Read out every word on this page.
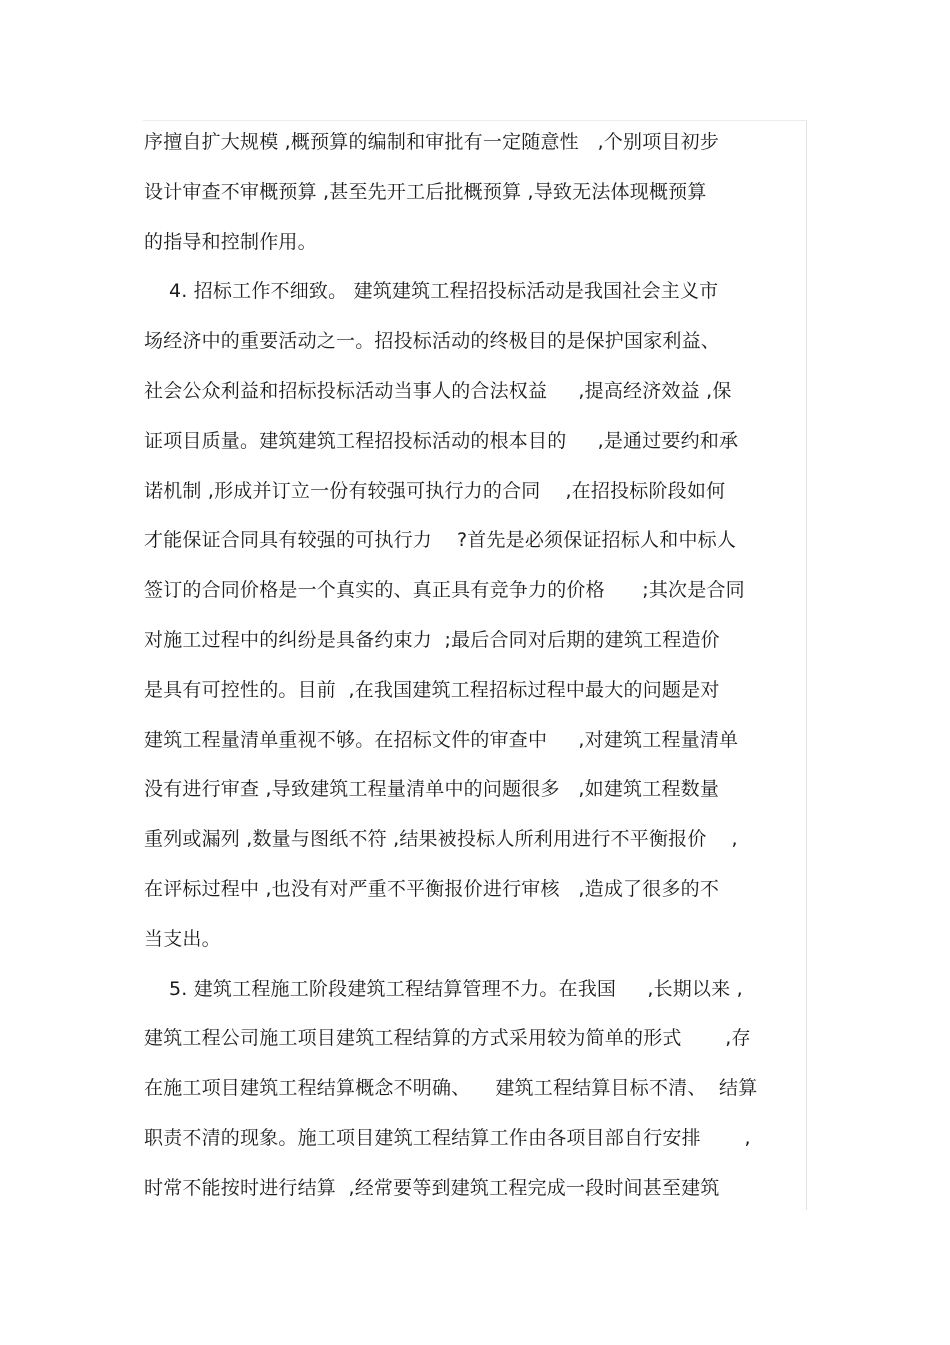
序擅自扩大规模 ,概预算的编制和审批有一定随意性   ,个别项目初步
设计审查不审概预算 ,甚至先开工后批概预算 ,导致无法体现概预算
的指导和控制作用。
4. 招标工作不细致。 建筑建筑工程招投标活动是我国社会主义市
场经济中的重要活动之一。招投标活动的终极目的是保护国家利益、
社会公众利益和招标投标活动当事人的合法权益     ,提高经济效益 ,保
证项目质量。建筑建筑工程招投标活动的根本目的     ,是通过要约和承
诺机制 ,形成并订立一份有较强可执行力的合同    ,在招投标阶段如何
才能保证合同具有较强的可执行力    ?首先是必须保证招标人和中标人
签订的合同价格是一个真实的、真正具有竞争力的价格      ;其次是合同
对施工过程中的纠纷是具备约束力  ;最后合同对后期的建筑工程造价
是具有可控性的。目前  ,在我国建筑工程招标过程中最大的问题是对
建筑工程量清单重视不够。在招标文件的审查中     ,对建筑工程量清单
没有进行审查 ,导致建筑工程量清单中的问题很多   ,如建筑工程数量
重列或漏列 ,数量与图纸不符 ,结果被投标人所利用进行不平衡报价    ,
在评标过程中 ,也没有对严重不平衡报价进行审核   ,造成了很多的不
当支出。
5. 建筑工程施工阶段建筑工程结算管理不力。在我国     ,长期以来 ,
建筑工程公司施工项目建筑工程结算的方式采用较为简单的形式       ,存
在施工项目建筑工程结算概念不明确、    建筑工程结算目标不清、  结算
职责不清的现象。施工项目建筑工程结算工作由各项目部自行安排       ,
时常不能按时进行结算  ,经常要等到建筑工程完成一段时间甚至建筑
